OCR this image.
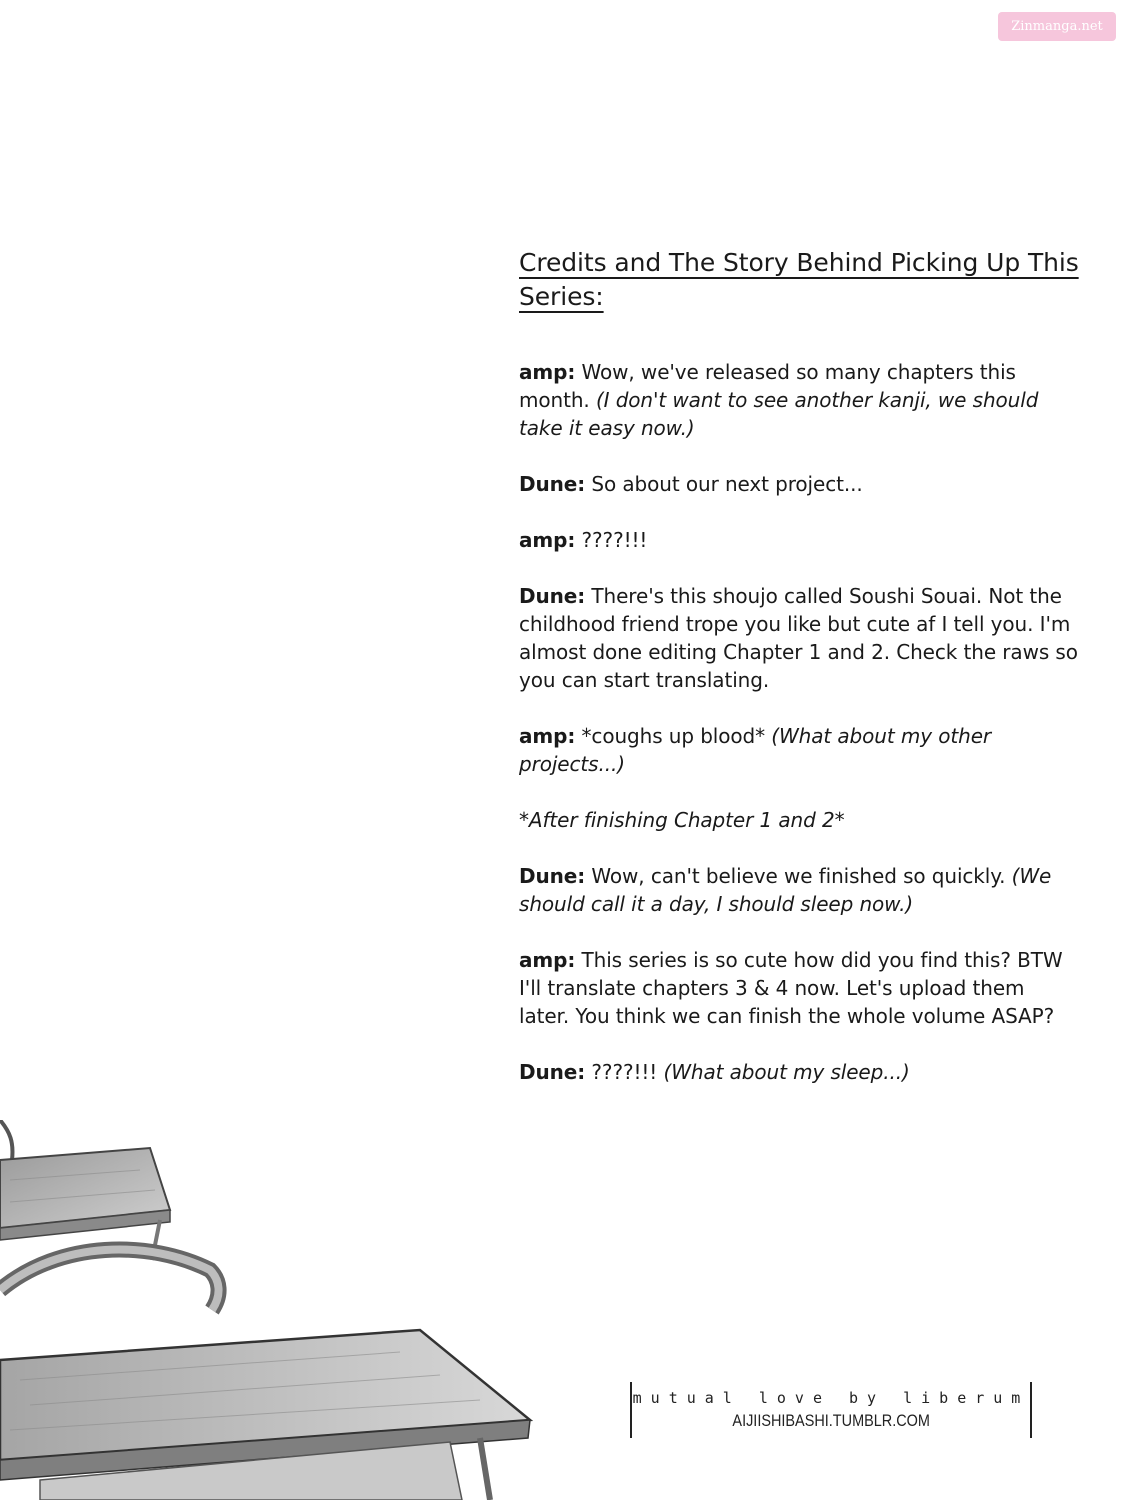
Zinmanga.net
Credits and The Story Behind Picking Up This Series:

amp: Wow, we've released so many chapters this month. (I don't want to see another kanji, we should take it easy now.)

Dune: So about our next project...

amp: ????!!!

Dune: There's this shoujo called Soushi Souai. Not the childhood friend trope you like but cute af I tell you. I'm almost done editing Chapter 1 and 2. Check the raws so you can start translating.

amp: *coughs up blood* (What about my other projects...)

*After finishing Chapter 1 and 2*

Dune: Wow, can't believe we finished so quickly. (We should call it a day, I should sleep now.)

amp: This series is so cute how did you find this? BTW I'll translate chapters 3 & 4 now. Let's upload them later. You think we can finish the whole volume ASAP?

Dune: ????!!! (What about my sleep...)

mutual love by liberum
AIJIISHIBASHI.TUMBLR.COM
